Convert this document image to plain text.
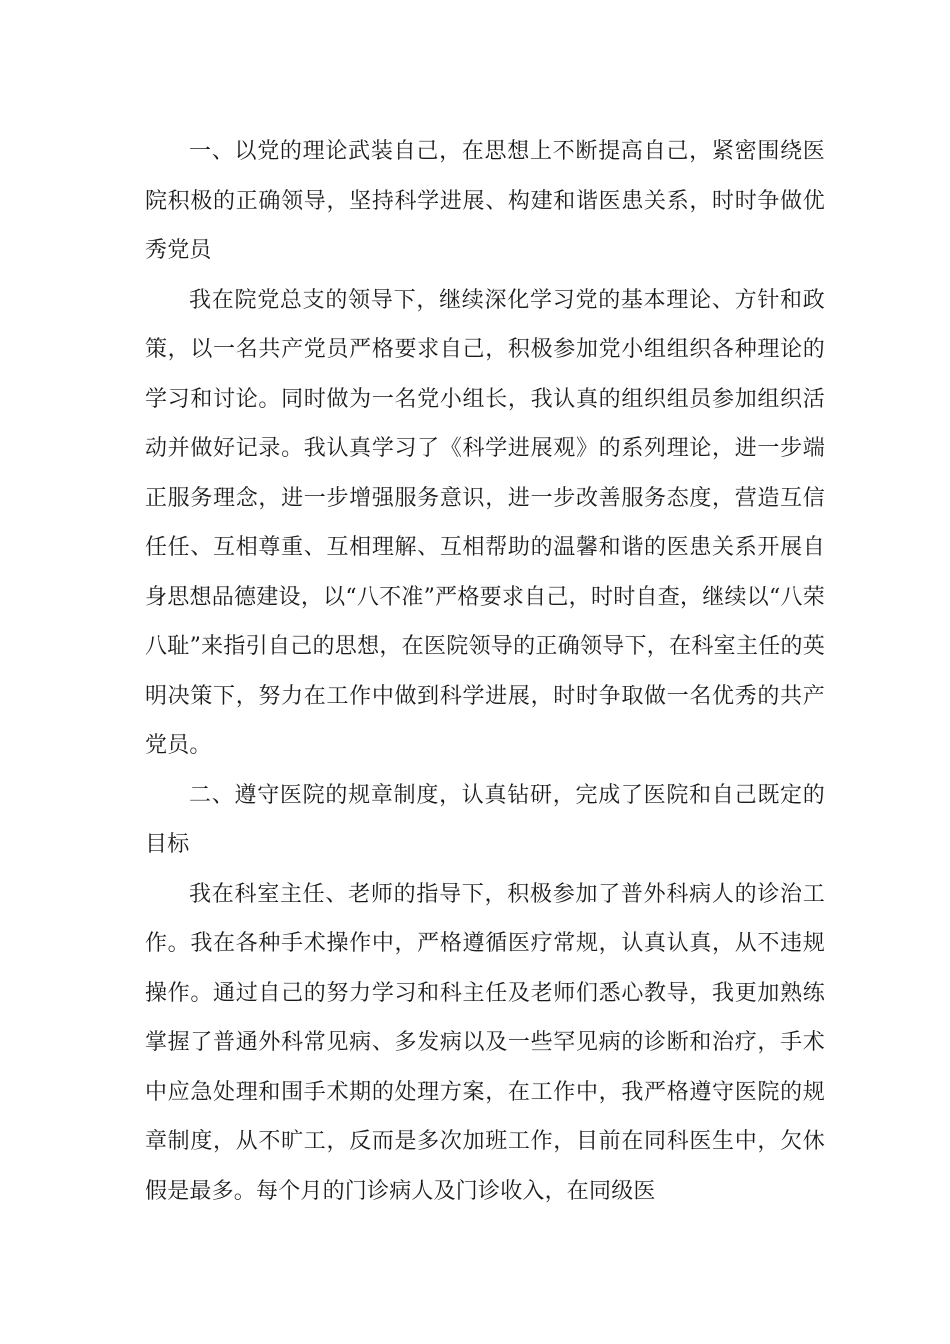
一、以党的理论武装自己，在思想上不断提高自己，紧密围绕医院积极的正确领导，坚持科学进展、构建和谐医患关系，时时争做优秀党员

我在院党总支的领导下，继续深化学习党的基本理论、方针和政策，以一名共产党员严格要求自己，积极参加党小组组织各种理论的学习和讨论。同时做为一名党小组长，我认真的组织组员参加组织活动并做好记录。我认真学习了《科学进展观》的系列理论，进一步端正服务理念，进一步增强服务意识，进一步改善服务态度，营造互信任任、互相尊重、互相理解、互相帮助的温馨和谐的医患关系开展自身思想品德建设，以“八不准”严格要求自己，时时自查，继续以“八荣八耻”来指引自己的思想，在医院领导的正确领导下，在科室主任的英明决策下，努力在工作中做到科学进展，时时争取做一名优秀的共产党员。

二、遵守医院的规章制度，认真钻研，完成了医院和自己既定的目标

我在科室主任、老师的指导下，积极参加了普外科病人的诊治工作。我在各种手术操作中，严格遵循医疗常规，认真认真，从不违规操作。通过自己的努力学习和科主任及老师们悉心教导，我更加熟练掌握了普通外科常见病、多发病以及一些罕见病的诊断和治疗，手术中应急处理和围手术期的处理方案，在工作中，我严格遵守医院的规章制度，从不旷工，反而是多次加班工作，目前在同科医生中，欠休假是最多。每个月的门诊病人及门诊收入，在同级医
